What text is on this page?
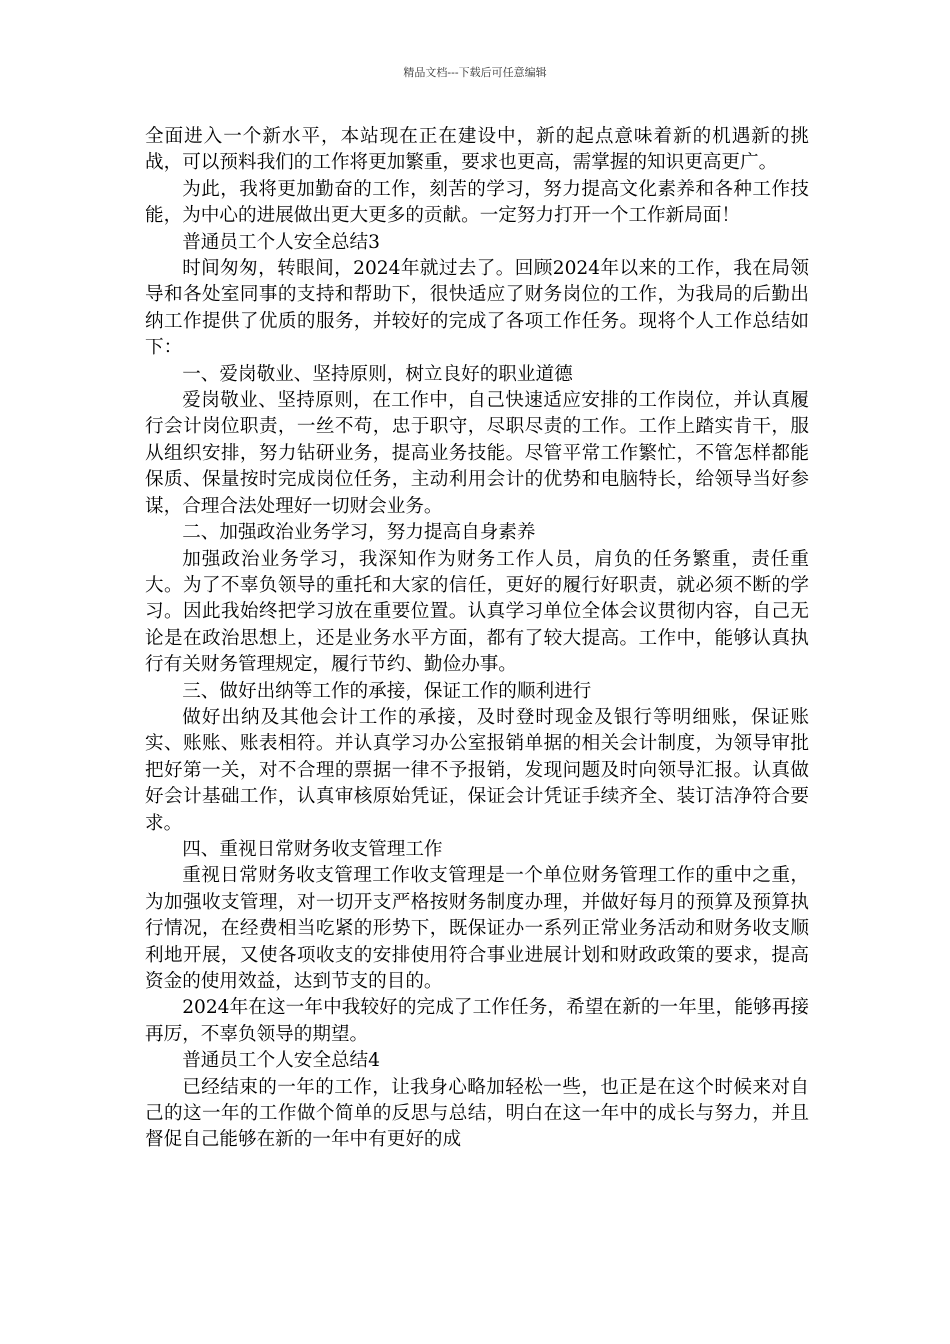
精品文档---下载后可任意编辑

全面进入一个新水平，本站现在正在建设中，新的起点意味着新的机遇新的挑战，可以预料我们的工作将更加繁重，要求也更高，需掌握的知识更高更广。

为此，我将更加勤奋的工作，刻苦的学习，努力提高文化素养和各种工作技能，为中心的进展做出更大更多的贡献。一定努力打开一个工作新局面！

普通员工个人安全总结3

时间匆匆，转眼间，2024年就过去了。回顾2024年以来的工作，我在局领导和各处室同事的支持和帮助下，很快适应了财务岗位的工作，为我局的后勤出纳工作提供了优质的服务，并较好的完成了各项工作任务。现将个人工作总结如下：

一、爱岗敬业、坚持原则，树立良好的职业道德

爱岗敬业、坚持原则，在工作中，自己快速适应安排的工作岗位，并认真履行会计岗位职责，一丝不苟，忠于职守，尽职尽责的工作。工作上踏实肯干，服从组织安排，努力钻研业务，提高业务技能。尽管平常工作繁忙，不管怎样都能保质、保量按时完成岗位任务，主动利用会计的优势和电脑特长，给领导当好参谋，合理合法处理好一切财会业务。

二、加强政治业务学习，努力提高自身素养

加强政治业务学习，我深知作为财务工作人员，肩负的任务繁重，责任重大。为了不辜负领导的重托和大家的信任，更好的履行好职责，就必须不断的学习。因此我始终把学习放在重要位置。认真学习单位全体会议贯彻内容，自己无论是在政治思想上，还是业务水平方面，都有了较大提高。工作中，能够认真执行有关财务管理规定，履行节约、勤俭办事。

三、做好出纳等工作的承接，保证工作的顺利进行

做好出纳及其他会计工作的承接，及时登时现金及银行等明细账，保证账实、账账、账表相符。并认真学习办公室报销单据的相关会计制度，为领导审批把好第一关，对不合理的票据一律不予报销，发现问题及时向领导汇报。认真做好会计基础工作，认真审核原始凭证，保证会计凭证手续齐全、装订洁净符合要求。

四、重视日常财务收支管理工作

重视日常财务收支管理工作收支管理是一个单位财务管理工作的重中之重，为加强收支管理，对一切开支严格按财务制度办理，并做好每月的预算及预算执行情况，在经费相当吃紧的形势下，既保证办一系列正常业务活动和财务收支顺利地开展，又使各项收支的安排使用符合事业进展计划和财政政策的要求，提高资金的使用效益，达到节支的目的。

2024年在这一年中我较好的完成了工作任务，希望在新的一年里，能够再接再厉，不辜负领导的期望。

普通员工个人安全总结4

已经结束的一年的工作，让我身心略加轻松一些，也正是在这个时候来对自己的这一年的工作做个简单的反思与总结，明白在这一年中的成长与努力，并且督促自己能够在新的一年中有更好的成
